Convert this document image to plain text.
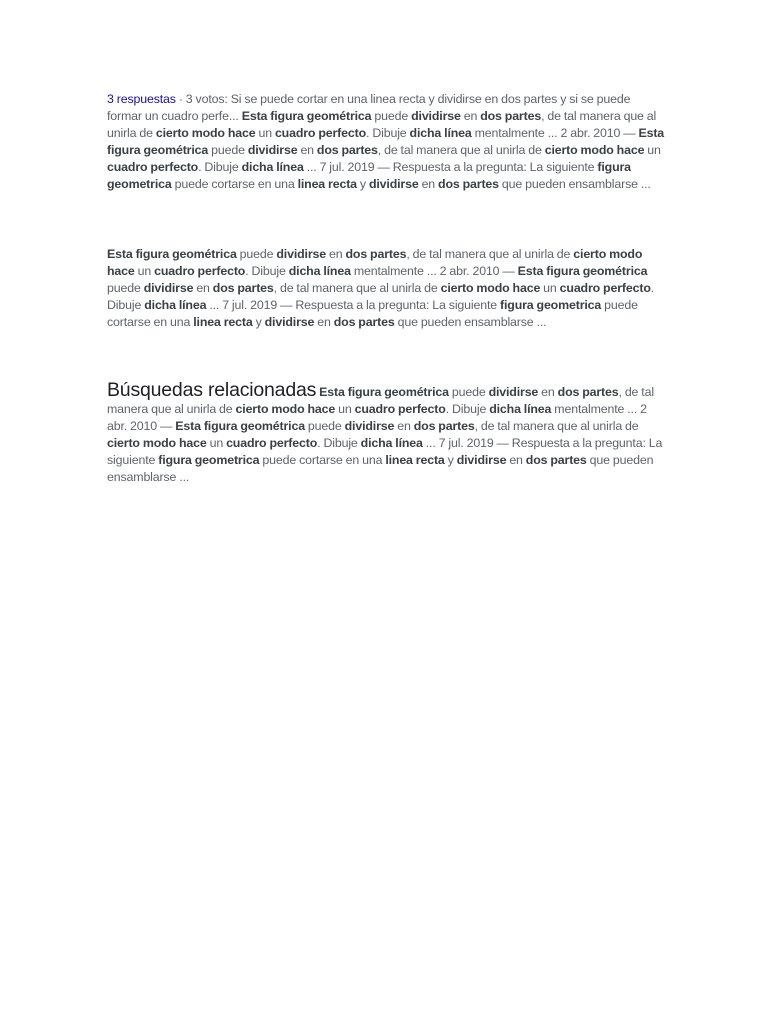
3 respuestas · 3 votos: Si se puede cortar en una linea recta y dividirse en dos partes y si se puede formar un cuadro perfe... Esta figura geométrica puede dividirse en dos partes, de tal manera que al unirla de cierto modo hace un cuadro perfecto. Dibuje dicha línea mentalmente ... 2 abr. 2010 — Esta figura geométrica puede dividirse en dos partes, de tal manera que al unirla de cierto modo hace un cuadro perfecto. Dibuje dicha línea ... 7 jul. 2019 — Respuesta a la pregunta: La siguiente figura geometrica puede cortarse en una linea recta y dividirse en dos partes que pueden ensamblarse ...
Esta figura geométrica puede dividirse en dos partes, de tal manera que al unirla de cierto modo hace un cuadro perfecto. Dibuje dicha línea mentalmente ... 2 abr. 2010 — Esta figura geométrica puede dividirse en dos partes, de tal manera que al unirla de cierto modo hace un cuadro perfecto. Dibuje dicha línea ... 7 jul. 2019 — Respuesta a la pregunta: La siguiente figura geometrica puede cortarse en una linea recta y dividirse en dos partes que pueden ensamblarse ...
Búsquedas relacionadas Esta figura geométrica puede dividirse en dos partes, de tal manera que al unirla de cierto modo hace un cuadro perfecto. Dibuje dicha línea mentalmente ... 2 abr. 2010 — Esta figura geométrica puede dividirse en dos partes, de tal manera que al unirla de cierto modo hace un cuadro perfecto. Dibuje dicha línea ... 7 jul. 2019 — Respuesta a la pregunta: La siguiente figura geometrica puede cortarse en una linea recta y dividirse en dos partes que pueden ensamblarse ...
